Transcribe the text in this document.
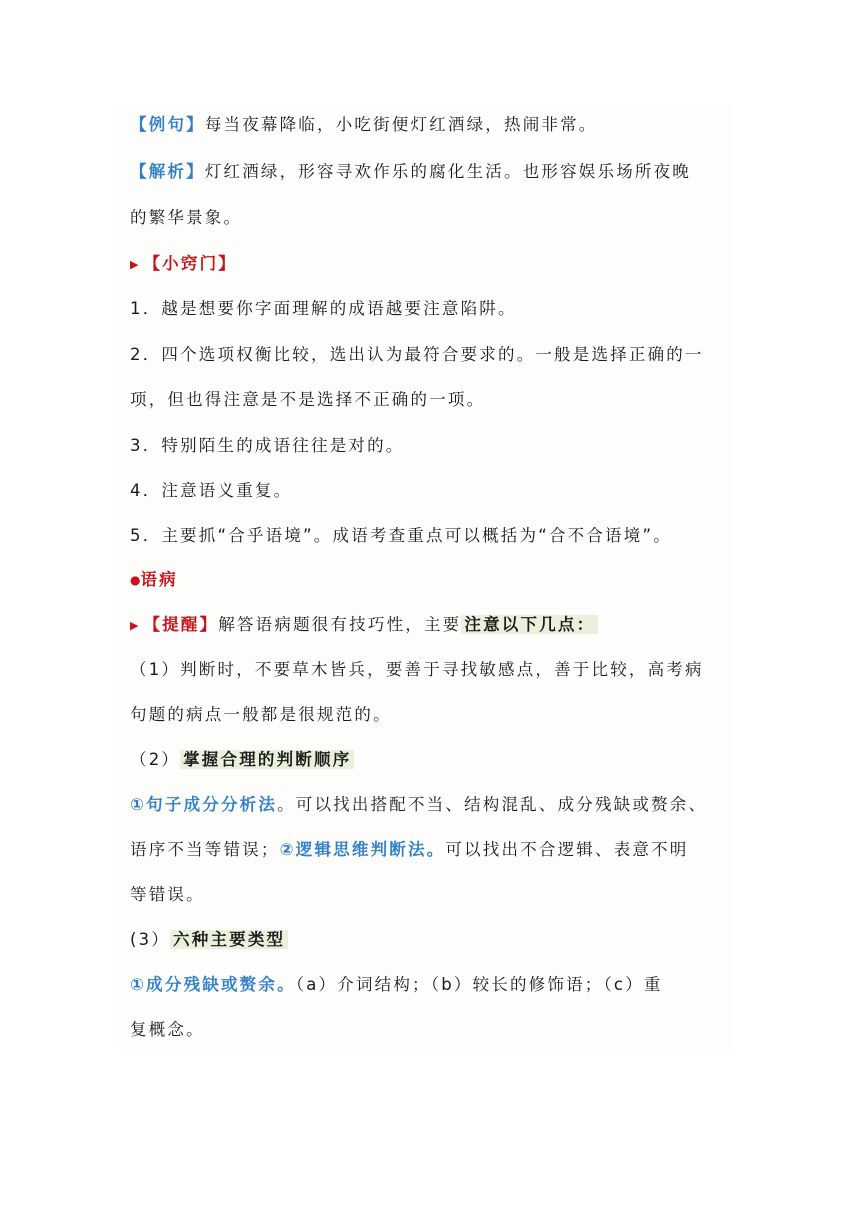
【例句】每当夜幕降临，小吃街便灯红酒绿，热闹非常。
【解析】灯红酒绿，形容寻欢作乐的腐化生活。也形容娱乐场所夜晚
的繁华景象。
▶ 【小窍门】
1．越是想要你字面理解的成语越要注意陷阱。
2．四个选项权衡比较，选出认为最符合要求的。一般是选择正确的一
项，但也得注意是不是选择不正确的一项。
3．特别陌生的成语往往是对的。
4．注意语义重复。
5．主要抓“合乎语境”。成语考查重点可以概括为“合不合语境”。
●语病
▶ 【提醒】解答语病题很有技巧性，主要 注意以下几点：
（1）判断时，不要草木皆兵，要善于寻找敏感点，善于比较，高考病
句题的病点一般都是很规范的。
（2） 掌握合理的判断顺序
①句子成分分析法。可以找出搭配不当、结构混乱、成分残缺或赘余、
语序不当等错误；②逻辑思维判断法。可以找出不合逻辑、表意不明
等错误。
(3） 六种主要类型
①成分残缺或赘余。（a）介词结构；（b）较长的修饰语；（c）重
复概念。
